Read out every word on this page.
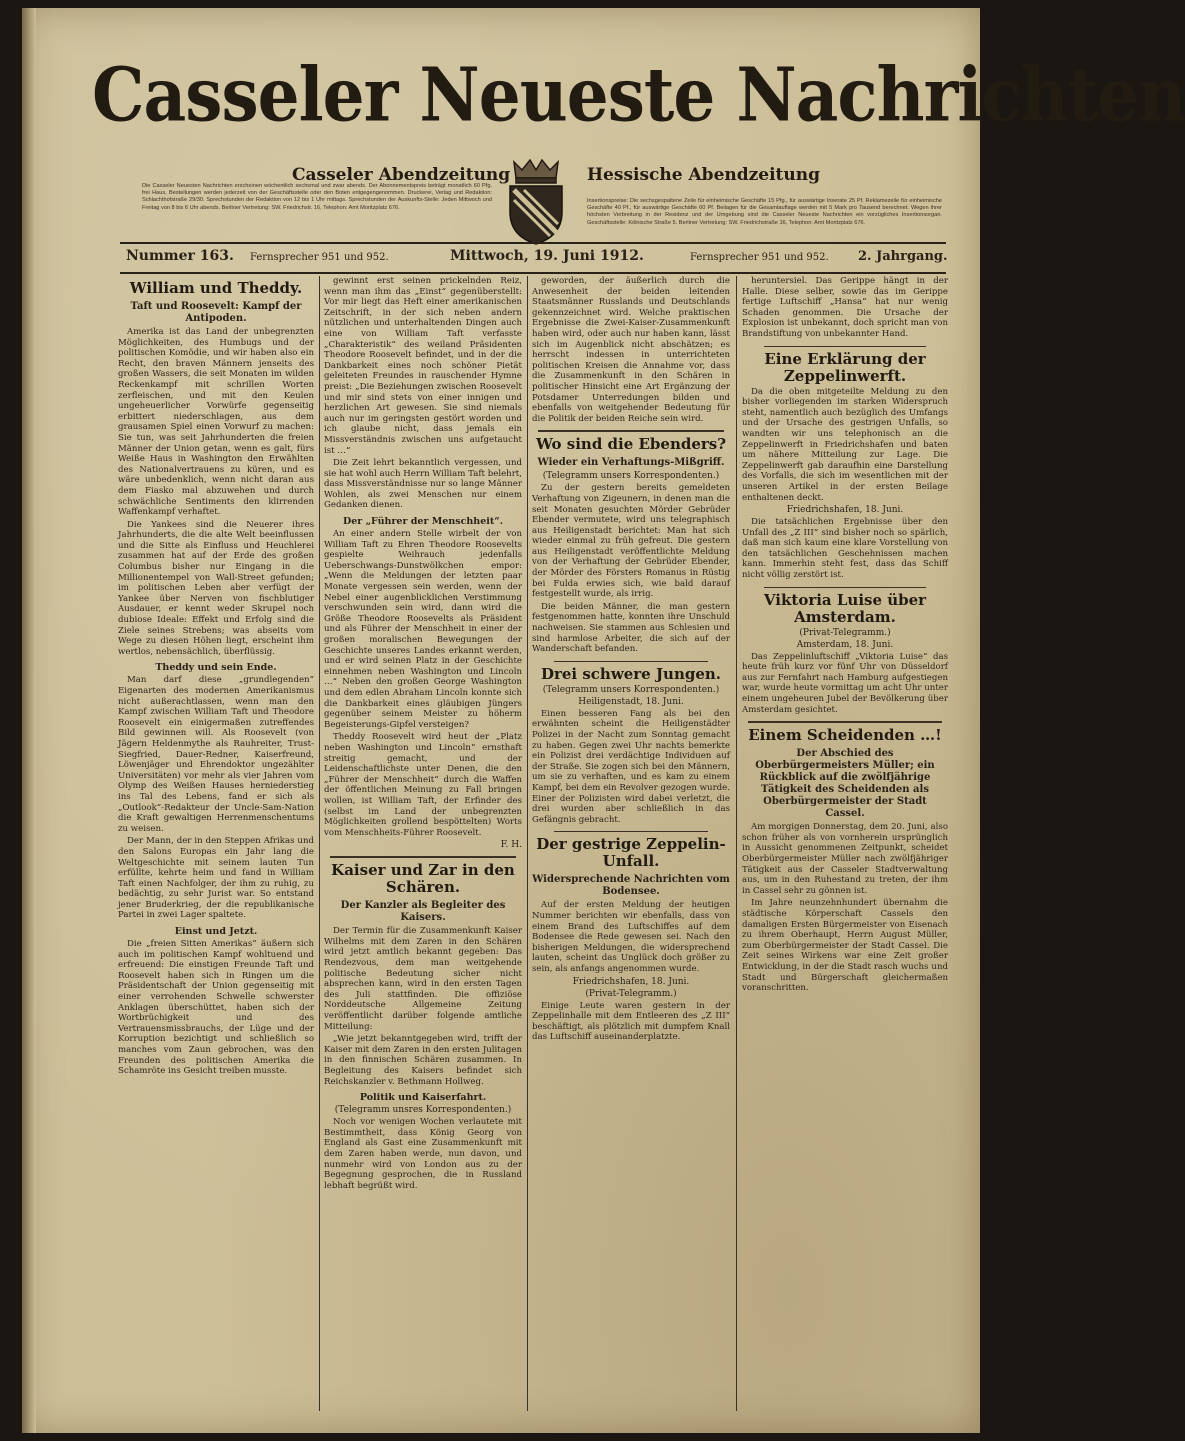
Casseler Neueste Nachrichten
Casseler Abendzeitung	Hessische Abendzeitung
Die Casseler Neuesten Nachrichten erscheinen wöchentlich sechsmal und zwar abends. Der Abonnementspreis beträgt monatlich 60 Pfg. frei Haus, Bestellungen werden jederzeit von der Geschäftsstelle oder den Boten entgegengenommen. Druckerei, Verlag und Redaktion: Schlachthofstraße 29/30. Sprechstunden der Redaktion von 12 bis 1 Uhr mittags. Sprechstunden der Auskunfts-Stelle: Jeden Mittwoch und Freitag von 8 bis 6 Uhr abends. Berliner Vertretung: SW. Friedrichstr. 16, Telephon: Amt Moritzplatz 676.
Insertionspreise: Die sechsgespaltene Zeile für einheimische Geschäfte 15 Pfg., für auswärtige Inserate 25 Pf. Reklamezeile für einheimische Geschäfte 40 Pf., für auswärtige Geschäfte 60 Pf. Beilagen für die Gesamtauflage werden mit 5 Mark pro Tausend berechnet. Wegen ihrer höchsten Verbreitung in der Residenz und der Umgebung sind die Casseler Neueste Nachrichten ein vorzügliches Insertionsorgan. Geschäftsstelle: Kölnische Straße 5. Berliner Vertretung: SW. Friedrichstraße 16, Telephon: Amt Moritzplatz 676.
Nummer 163. Fernsprecher 951 und 952.	Mittwoch, 19. Juni 1912.	Fernsprecher 951 und 952. 2. Jahrgang.
William und Theddy.
Taft und Roosevelt: Kampf der Antipoden.

Amerika ist das Land der unbegrenzten Möglichkeiten, des Humbugs und der politischen Komödie, und wir haben also ein Recht, den braven Männern jenseits des großen Wassers, die seit Monaten im wilden Reckenkampf mit schrillen Worten zerfleischen, und mit den Keulen ungeheuerlicher Vorwürfe gegenseitig erbittert niederschlagen, aus dem grausamen Spiel einen Vorwurf zu machen: Sie tun, was seit Jahrhunderten die freien Männer der Union getan, wenn es galt, fürs Weiße Haus in Washington den Erwählten des Nationalvertrauens zu küren, und es wäre unbedenklich, wenn nicht daran aus dem Fiasko mal abzuwehen und durch schwächliche Sentiments den klirrenden Waffenkampf verhaftet.

Die Yankees sind die Neuerer ihres Jahrhunderts, die die alte Welt beeinflussen und die Sitte als Einfluss und Heuchlerei zusammen hat auf der Erde des großen Columbus bisher nur Eingang in die Millionentempel von Wall-Street gefunden; im politischen Leben aber verfügt der Yankee über Nerven von fischblutiger Ausdauer, er kennt weder Skrupel noch dubiose Ideale: Effekt und Erfolg sind die Ziele seines Strebens; was abseits vom Wege zu diesen Höhen liegt, erscheint ihm wertlos, nebensächlich, überflüssig.

Theddy und sein Ende.

Man darf diese „grundlegenden“ Eigenarten des modernen Amerikanismus nicht außerachtlassen, wenn man den Kampf zwischen William Taft und Theodore Roosevelt ein einigermaßen zutreffendes Bild gewinnen will. Als Roosevelt (von Jägern Heldenmythe als Rauhreiter, Trust-Siegfried, Dauer-Redner, Kaiserfreund, Löwenjäger und Ehrendoktor ungezählter Universitäten) vor mehr als vier Jahren vom Olymp des Weißen Hauses herniederstieg ins Tal des Lebens, fand er sich als „Outlook“-Redakteur der Uncle-Sam-Nation die Kraft gewaltigen Herrenmenschentums zu weisen.

Der Mann, der in den Steppen Afrikas und den Salons Europas ein Jahr lang die Weltgeschichte mit seinem lauten Tun erfüllte, kehrte heim und fand in William Taft einen Nachfolger, der ihm zu ruhig, zu bedächtig, zu sehr Jurist war. So entstand jener Bruderkrieg, der die republikanische Partei in zwei Lager spaltete.

Einst und Jetzt.

Die „freien Sitten Amerikas“ äußern sich auch im politischen Kampf wohltuend und erfreuend: Die einstigen Freunde Taft und Roosevelt haben sich in Ringen um die Präsidentschaft der Union gegenseitig mit einer verrohenden Schwelle schwerster Anklagen überschüttet, haben sich der Wortbrüchigkeit und des Vertrauensmissbrauchs, der Lüge und der Korruption bezichtigt und schließlich so manches vom Zaun gebrochen, was den Freunden des politischen Amerika die Schamröte ins Gesicht treiben musste.

gewinnt erst seinen prickelnden Reiz, wenn man ihm das „Einst“ gegenüberstellt: Vor mir liegt das Heft einer amerikanischen Zeitschrift, in der sich neben andern nützlichen und unterhaltenden Dingen auch eine von William Taft verfasste „Charakteristik“ des weiland Präsidenten Theodore Roosevelt befindet, und in der die Dankbarkeit eines noch schöner Pietät geleiteten Freundes in rauschender Hymne preist: „Die Beziehungen zwischen Roosevelt und mir sind stets von einer innigen und herzlichen Art gewesen. Sie sind niemals auch nur im geringsten gestört worden und ich glaube nicht, dass jemals ein Missverständnis zwischen uns aufgetaucht ist …“

Die Zeit lehrt bekanntlich vergessen, und sie hat wohl auch Herrn William Taft belehrt, dass Missverständnisse nur so lange Männer Wohlen, als zwei Menschen nur einem Gedanken dienen.

Der „Führer der Menschheit“.

An einer andern Stelle wirbelt der von William Taft zu Ehren Theodore Roosevelts gespielte Weihrauch jedenfalls Ueberschwangs-Dunstwölkchen empor: „Wenn die Meldungen der letzten paar Monate vergessen sein werden, wenn der Nebel einer augenblicklichen Verstimmung verschwunden sein wird, dann wird die Größe Theodore Roosevelts als Präsident und als Führer der Menschheit in einer der großen moralischen Bewegungen der Geschichte unseres Landes erkannt werden, und er wird seinen Platz in der Geschichte einnehmen neben Washington und Lincoln …“ Neben den großen George Washington und dem edlen Abraham Lincoln konnte sich die Dankbarkeit eines gläubigen Jüngers gegenüber seinem Meister zu höherm Begeisterungs-Gipfel versteigen?

Theddy Roosevelt wird heut der „Platz neben Washington und Lincoln“ ernsthaft streitig gemacht, und der Leidenschaftlichste unter Denen, die den „Führer der Menschheit“ durch die Waffen der öffentlichen Meinung zu Fall bringen wollen, ist William Taft, der Erfinder des (selbst im Land der unbegrenzten Möglichkeiten grollend bespöttelten) Worts vom Menschheits-Führer Roosevelt.

F. H.
Kaiser und Zar in den Schären.
Der Kanzler als Begleiter des Kaisers.

Der Termin für die Zusammenkunft Kaiser Wilhelms mit dem Zaren in den Schären wird jetzt amtlich bekannt gegeben: Das Rendezvous, dem man weitgehende politische Bedeutung sicher nicht absprechen kann, wird in den ersten Tagen des Juli stattfinden. Die offiziöse Norddeutsche Allgemeine Zeitung veröffentlicht darüber folgende amtliche Mitteilung:

„Wie jetzt bekanntgegeben wird, trifft der Kaiser mit dem Zaren in den ersten Julitagen in den finnischen Schären zusammen. In Begleitung des Kaisers befindet sich Reichskanzler v. Bethmann Hollweg.

Politik und Kaiserfahrt.
(Telegramm unsres Korrespondenten.)

Noch vor wenigen Wochen verlautete mit Bestimmtheit, dass König Georg von England als Gast eine Zusammenkunft mit dem Zaren haben werde, nun davon, und nunmehr wird von London aus zu der Begegnung gesprochen, die in Russland lebhaft begrüßt wird.

geworden, der äußerlich durch die Anwesenheit der beiden leitenden Staatsmänner Russlands und Deutschlands gekennzeichnet wird. Welche praktischen Ergebnisse die Zwei-Kaiser-Zusammenkunft haben wird, oder auch nur haben kann, lässt sich im Augenblick nicht abschätzen; es herrscht indessen in unterrichteten politischen Kreisen die Annahme vor, dass die Zusammenkunft in den Schären in politischer Hinsicht eine Art Ergänzung der Potsdamer Unterredungen bilden und ebenfalls von weitgehender Bedeutung für die Politik der beiden Reiche sein wird.

Wo sind die Ebenders?
Wieder ein Verhaftungs-Mißgriff.
(Telegramm unsers Korrespondenten.)

Zu der gestern bereits gemeldeten Verhaftung von Zigeunern, in denen man die seit Monaten gesuchten Mörder Gebrüder Ebender vermutete, wird uns telegraphisch aus Heiligenstadt berichtet: Man hat sich wieder einmal zu früh gefreut. Die gestern aus Heiligenstadt veröffentlichte Meldung von der Verhaftung der Gebrüder Ebender, der Mörder des Försters Romanus in Rüstig bei Fulda erwies sich, wie bald darauf festgestellt wurde, als irrig.

Die beiden Männer, die man gestern festgenommen hatte, konnten ihre Unschuld nachweisen. Sie stammen aus Schlesien und sind harmlose Arbeiter, die sich auf der Wanderschaft befanden.

Drei schwere Jungen.
(Telegramm unsers Korrespondenten.)
Heiligenstadt, 18. Juni.

Einen besseren Fang als bei den erwähnten scheint die Heiligenstädter Polizei in der Nacht zum Sonntag gemacht zu haben. Gegen zwei Uhr nachts bemerkte ein Polizist drei verdächtige Individuen auf der Straße. Sie zogen sich bei den Männern, um sie zu verhaften, und es kam zu einem Kampf, bei dem ein Revolver gezogen wurde. Einer der Polizisten wird dabei verletzt, die drei wurden aber schließlich in das Gefängnis gebracht.

Der gestrige Zeppelin-Unfall.
Widersprechende Nachrichten vom Bodensee.

Auf der ersten Meldung der heutigen Nummer berichten wir ebenfalls, dass von einem Brand des Luftschiffes auf dem Bodensee die Rede gewesen sei. Nach den bisherigen Meldungen, die widersprechend lauten, scheint das Unglück doch größer zu sein, als anfangs angenommen wurde.

Friedrichshafen, 18. Juni.
(Privat-Telegramm.)

Einige Leute waren gestern in der Zeppelinhalle mit dem Entleeren des „Z III“ beschäftigt, als plötzlich mit dumpfem Knall das Luftschiff auseinanderplatzte.

heruntersiel. Das Gerippe hängt in der Halle. Diese selber, sowie das im Gerippe fertige Luftschiff „Hansa“ hat nur wenig Schaden genommen. Die Ursache der Explosion ist unbekannt, doch spricht man von Brandstiftung von unbekannter Hand.

Eine Erklärung der Zeppelinwerft.

Da die oben mitgeteilte Meldung zu den bisher vorliegenden im starken Widerspruch steht, namentlich auch bezüglich des Umfangs und der Ursache des gestrigen Unfalls, so wandten wir uns telephonisch an die Zeppelinwerft in Friedrichshafen und baten um nähere Mitteilung zur Lage. Die Zeppelinwerft gab daraufhin eine Darstellung des Vorfalls, die sich im wesentlichen mit der unseren Artikel in der ersten Beilage enthaltenen deckt.

Friedrichshafen, 18. Juni.

Die tatsächlichen Ergebnisse über den Unfall des „Z III“ sind bisher noch so spärlich, daß man sich kaum eine klare Vorstellung von den tatsächlichen Geschehnissen machen kann. Immerhin steht fest, dass das Schiff nicht völlig zerstört ist.

Viktoria Luise über Amsterdam.
(Privat-Telegramm.)
Amsterdam, 18. Juni.

Das Zeppelinluftschiff „Viktoria Luise“ das heute früh kurz vor fünf Uhr von Düsseldorf aus zur Fernfahrt nach Hamburg aufgestiegen war, wurde heute vormittag um acht Uhr unter einem ungeheuren Jubel der Bevölkerung über Amsterdam gesichtet.

Einem Scheidenden …!
Der Abschied des Oberbürgermeisters Müller; ein Rückblick auf die zwölfjährige Tätigkeit des Scheidenden als Oberbürgermeister der Stadt Cassel.

Am morgigen Donnerstag, dem 20. Juni, also schon früher als von vornherein ursprünglich in Aussicht genommenen Zeitpunkt, scheidet Oberbürgermeister Müller nach zwölfjähriger Tätigkeit aus der Casseler Stadtverwaltung aus, um in den Ruhestand zu treten, der ihm in Cassel sehr zu gönnen ist.

Im Jahre neunzehnhundert übernahm die städtische Körperschaft Cassels den damaligen Ersten Bürgermeister von Eisenach zu ihrem Oberhaupt, Herrn August Müller, zum Oberbürgermeister der Stadt Cassel. Die Zeit seines Wirkens war eine Zeit großer Entwicklung, in der die Stadt rasch wuchs und Stadt und Bürgerschaft gleichermaßen voranschritten.
